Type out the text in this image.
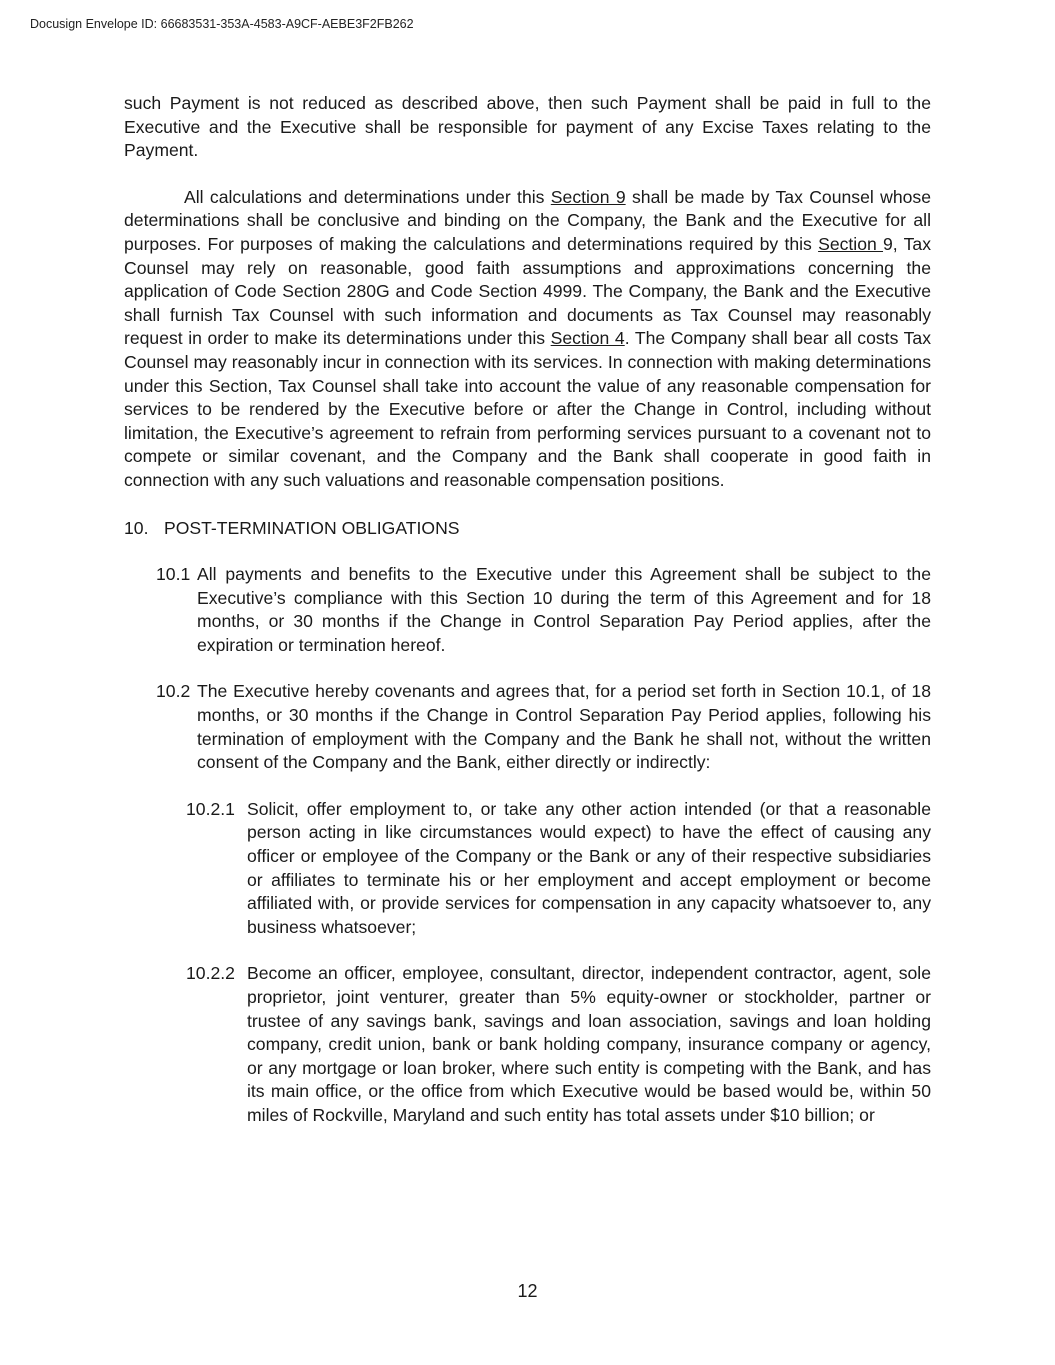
Docusign Envelope ID: 66683531-353A-4583-A9CF-AEBE3F2FB262

such Payment is not reduced as described above, then such Payment shall be paid in full to the Executive and the Executive shall be responsible for payment of any Excise Taxes relating to the Payment.

All calculations and determinations under this Section 9 shall be made by Tax Counsel whose determinations shall be conclusive and binding on the Company, the Bank and the Executive for all purposes. For purposes of making the calculations and determinations required by this Section 9, Tax Counsel may rely on reasonable, good faith assumptions and approximations concerning the application of Code Section 280G and Code Section 4999. The Company, the Bank and the Executive shall furnish Tax Counsel with such information and documents as Tax Counsel may reasonably request in order to make its determinations under this Section 4. The Company shall bear all costs Tax Counsel may reasonably incur in connection with its services. In connection with making determinations under this Section, Tax Counsel shall take into account the value of any reasonable compensation for services to be rendered by the Executive before or after the Change in Control, including without limitation, the Executive’s agreement to refrain from performing services pursuant to a covenant not to compete or similar covenant, and the Company and the Bank shall cooperate in good faith in connection with any such valuations and reasonable compensation positions.

10. POST-TERMINATION OBLIGATIONS

10.1 All payments and benefits to the Executive under this Agreement shall be subject to the Executive’s compliance with this Section 10 during the term of this Agreement and for 18 months, or 30 months if the Change in Control Separation Pay Period applies, after the expiration or termination hereof.
10.2 The Executive hereby covenants and agrees that, for a period set forth in Section 10.1, of 18 months, or 30 months if the Change in Control Separation Pay Period applies, following his termination of employment with the Company and the Bank he shall not, without the written consent of the Company and the Bank, either directly or indirectly:
10.2.1 Solicit, offer employment to, or take any other action intended (or that a reasonable person acting in like circumstances would expect) to have the effect of causing any officer or employee of the Company or the Bank or any of their respective subsidiaries or affiliates to terminate his or her employment and accept employment or become affiliated with, or provide services for compensation in any capacity whatsoever to, any business whatsoever;
10.2.2 Become an officer, employee, consultant, director, independent contractor, agent, sole proprietor, joint venturer, greater than 5% equity-owner or stockholder, partner or trustee of any savings bank, savings and loan association, savings and loan holding company, credit union, bank or bank holding company, insurance company or agency, or any mortgage or loan broker, where such entity is competing with the Bank, and has its main office, or the office from which Executive would be based would be, within 50 miles of Rockville, Maryland and such entity has total assets under $10 billion; or
12
